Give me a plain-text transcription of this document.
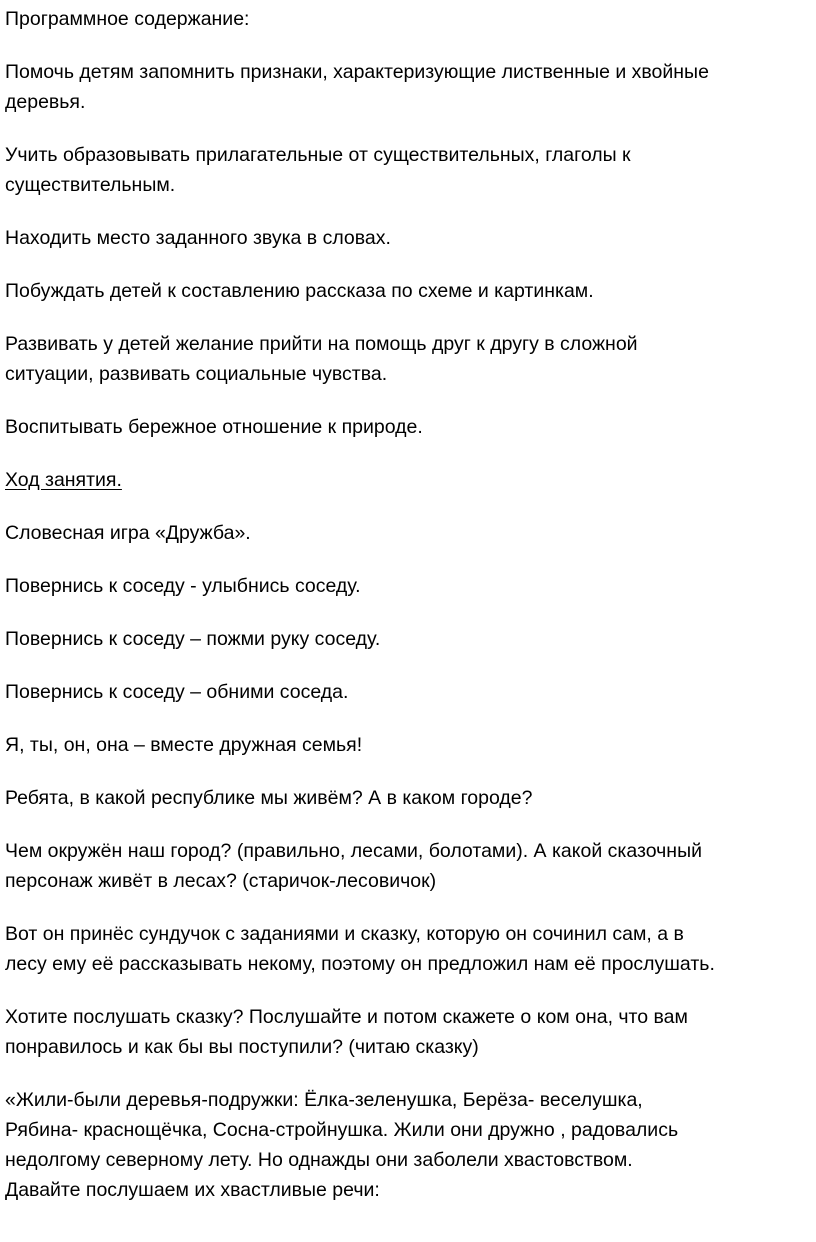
Программное содержание:

Помочь детям запомнить признаки, характеризующие лиственные и хвойные
деревья.

Учить образовывать прилагательные от существительных, глаголы к
существительным.

Находить место заданного звука в словах.

Побуждать детей к составлению рассказа по схеме и картинкам.

Развивать у детей желание прийти на помощь друг к другу в сложной
ситуации, развивать социальные чувства.

Воспитывать бережное отношение к природе.

Ход занятия.

Словесная игра «Дружба».

Повернись к соседу - улыбнись соседу.

Повернись к соседу – пожми руку соседу.

Повернись к соседу – обними соседа.

Я, ты, он, она – вместе дружная семья!

Ребята, в какой республике мы живём? А в каком городе?

Чем окружён наш город? (правильно, лесами, болотами). А какой сказочный
персонаж живёт в лесах? (старичок-лесовичок)

Вот он принёс сундучок с заданиями и сказку, которую он сочинил сам, а в
лесу ему её рассказывать некому, поэтому он предложил нам её прослушать.

Хотите послушать сказку? Послушайте и потом скажете о ком она, что вам
понравилось и как бы вы поступили? (читаю сказку)

«Жили-были деревья-подружки: Ёлка-зеленушка, Берёза- веселушка,
Рябина- краснощёчка, Сосна-стройнушка. Жили они дружно , радовались
недолгому северному лету. Но однажды они заболели хвастовством.
Давайте послушаем их хвастливые речи:
